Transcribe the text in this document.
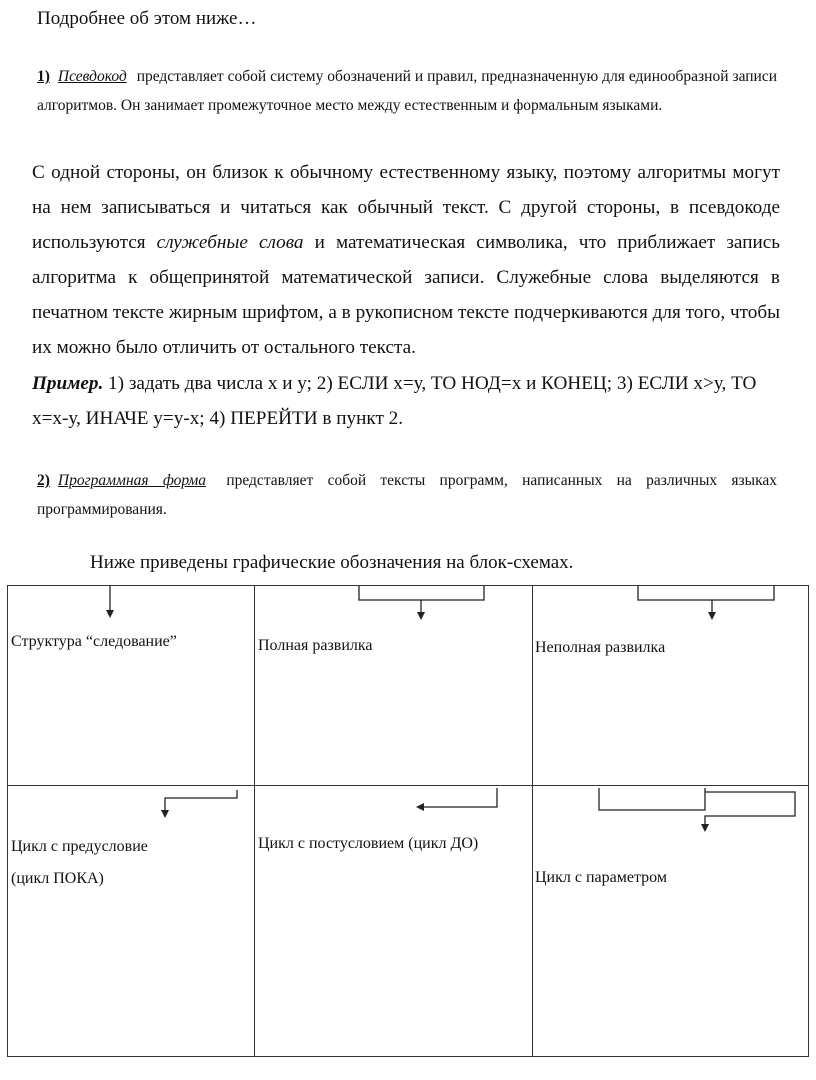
Подробнее об этом ниже…
1) Псевдокод представляет собой систему обозначений и правил, предназначенную для единообразной записи алгоритмов. Он занимает промежуточное место между естественным и формальным языками.
С одной стороны, он близок к обычному естественному языку, поэтому алгоритмы могут на нем записываться и читаться как обычный текст. С другой стороны, в псевдокоде используются служебные слова и математическая символика, что приближает запись алгоритма к общепринятой математической записи. Служебные слова выделяются в печатном тексте жирным шрифтом, а в рукописном тексте подчеркиваются для того, чтобы их можно было отличить от остального текста.
Пример. 1) задать два числа х и у; 2) ЕСЛИ х=у, ТО НОД=х и КОНЕЦ; 3) ЕСЛИ х>у, ТО х=х-у, ИНАЧЕ у=у-х; 4) ПЕРЕЙТИ в пункт 2.
2) Программная форма представляет собой тексты программ, написанных на различных языках программирования.
Ниже приведены графические обозначения на блок-схемах.
Структура “следование”	Полная развилка	Неполная развилка
Цикл с предусловие
(цикл ПОКА)
Цикл с постусловием (цикл ДО)
Цикл с параметром
